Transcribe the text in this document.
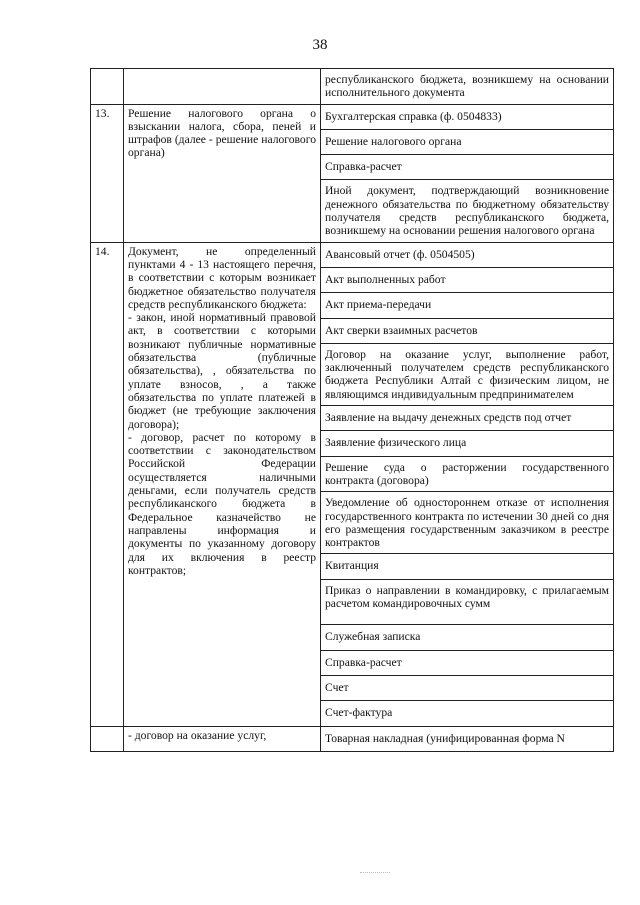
38
		республиканского бюджета, возникшему на основании исполнительного документа
13.	Решение налогового органа о взыскании налога, сбора, пеней и штрафов (далее - решение налогового органа)	Бухгалтерская справка (ф. 0504833)
		Решение налогового органа
		Справка-расчет
		Иной документ, подтверждающий возникновение денежного обязательства по бюджетному обязательству получателя средств республиканского бюджета, возникшему на основании решения налогового органа
14.	Документ, не определенный пунктами 4 - 13 настоящего перечня, в соответствии с которым возникает бюджетное обязательство получателя средств республиканского бюджета:
- закон, иной нормативный правовой акт, в соответствии с которыми возникают публичные нормативные обязательства (публичные обязательства), , обязательства по уплате взносов, , а также обязательства по уплате платежей в бюджет (не требующие заключения договора);
- договор, расчет по которому в соответствии с законодательством Российской Федерации осуществляется наличными деньгами, если получатель средств республиканского бюджета в Федеральное казначейство не направлены информация и документы по указанному договору для их включения в реестр контрактов;	Авансовый отчет (ф. 0504505)
		Акт выполненных работ
		Акт приема-передачи
		Акт сверки взаимных расчетов
		Договор на оказание услуг, выполнение работ, заключенный получателем средств республиканского бюджета Республики Алтай с физическим лицом, не являющимся индивидуальным предпринимателем
		Заявление на выдачу денежных средств под отчет
		Заявление физического лица
		Решение суда о расторжении государственного контракта (договора)
		Уведомление об одностороннем отказе от исполнения государственного контракта по истечении 30 дней со дня его размещения государственным заказчиком в реестре контрактов
		Квитанция
		Приказ о направлении в командировку, с прилагаемым расчетом командировочных сумм
		Служебная записка
		Справка-расчет
		Счет
		Счет-фактура
	- договор на оказание услуг,	Товарная накладная (унифицированная форма N
